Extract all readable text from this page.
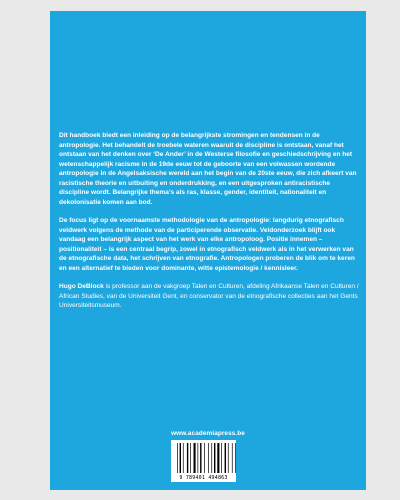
Dit handboek biedt een inleiding op de belangrijkste stromingen en tendensen in de antropologie. Het behandelt de troebele wateren waaruit de discipline is ontstaan, vanaf het ontstaan van het denken over ‘De Ander’ in de Westerse filosofie en geschiedschrijving en het wetenschappelijk racisme in de 19de eeuw tot de geboorte van een volwassen wordende antropologie in de Angelsaksische wereld aan het begin van de 20ste eeuw, die zich afkeert van racistische theorie en uitbuiting en onderdrukking, en een uitgesproken antiracistische discipline wordt. Belangrijke thema’s als ras, klasse, gender, identiteit, nationaliteit en dekolonisatie komen aan bod.

De focus ligt op de voornaamste methodologie van de antropologie: langdurig etnografisch veldwerk volgens de methode van de participerende observatie. Veldonderzoek blijft ook vandaag een belangrijk aspect van het werk van elke antropoloog. Positie innemen – positionaliteit – is een centraal begrip, zowel in etnografisch veldwerk als in het verwerken van de etnografische data, het schrijven van etnografie. Antropologen proberen de blik om te keren en een alternatief te bieden voor dominante, witte epistemologie / kennisleer.

Hugo DeBlock is professor aan de vakgroep Talen en Culturen, afdeling Afrikaanse Talen en Culturen / African Studies, van de Universiteit Gent, en conservator van de etnografische collecties aan het Gents Universiteitsmuseum.

www.academiapress.be
9 789401 494863
